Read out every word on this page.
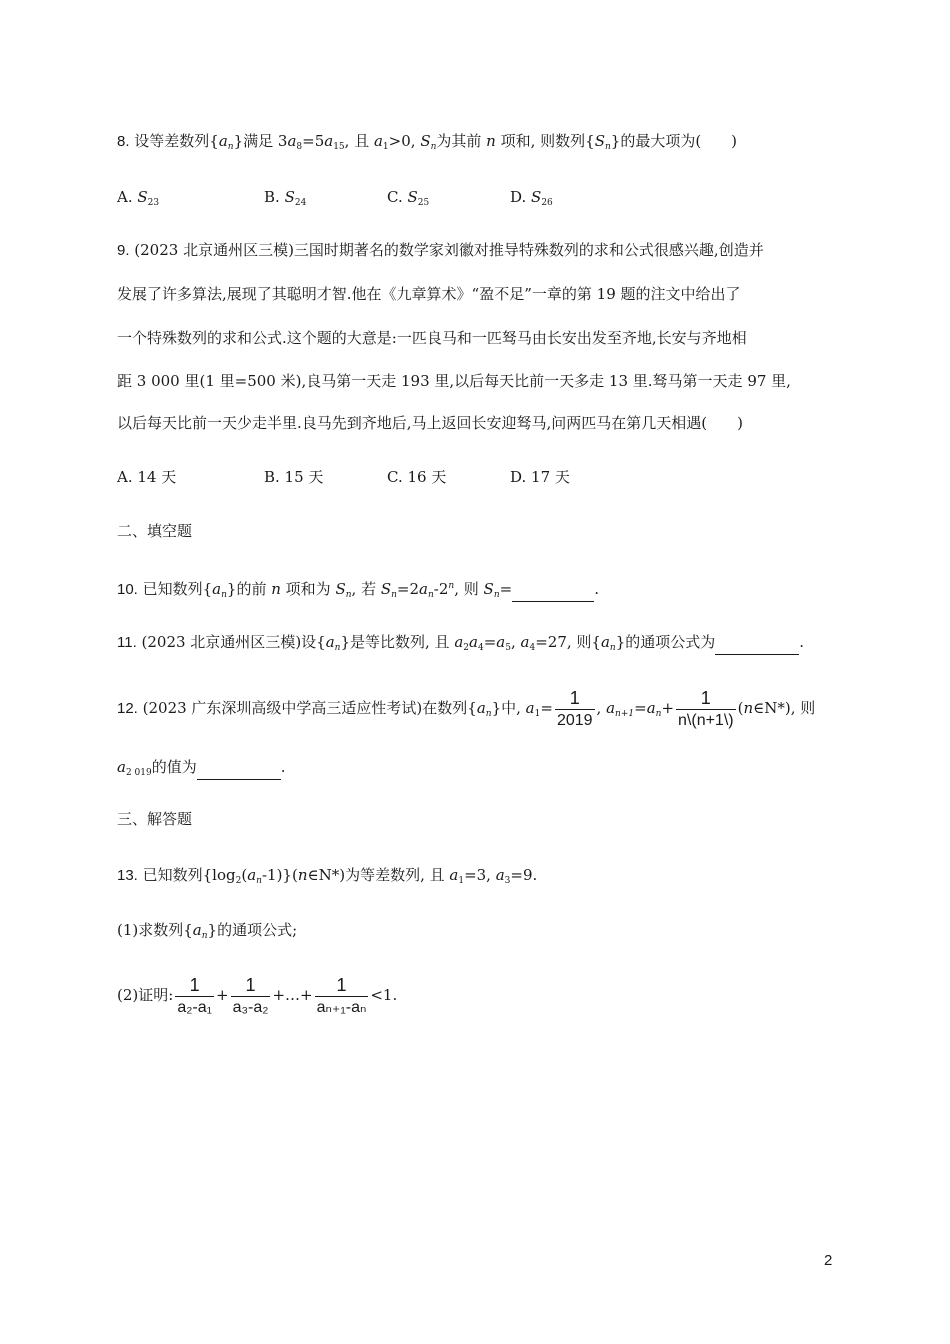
8. 设等差数列$\{a_n\}$满足 $3a_8=5a_{15}$, 且 $a_1>0$, $S_n$为其前 n 项和, 则数列$\{S_n\}$的最大项为(　　)
A. $S_{23}$	B. $S_{24}$	C. $S_{25}$	D. $S_{26}$
9. (2023 北京通州区三模)三国时期著名的数学家刘徽对推导特殊数列的求和公式很感兴趣,创造并
发展了许多算法,展现了其聪明才智.他在《九章算术》“盈不足”一章的第 19 题的注文中给出了
一个特殊数列的求和公式.这个题的大意是:一匹良马和一匹驽马由长安出发至齐地,长安与齐地相
距 3 000 里(1 里=500 米),良马第一天走 193 里,以后每天比前一天多走 13 里.驽马第一天走 97 里,
以后每天比前一天少走半里.良马先到齐地后,马上返回长安迎驽马,问两匹马在第几天相遇(　　)
A. 14 天	B. 15 天	C. 16 天	D. 17 天
二、填空题
10. 已知数列$\{a_n\}$的前 n 项和为 $S_n$, 若 $S_n=2a_n-2^n$, 则 $S_n=$	.
11. (2023 北京通州区三模)设$\{a_n\}$是等比数列, 且 $a_2a_4=a_5$, $a_4=27$, 则$\{a_n\}$的通项公式为	.
12. (2023 广东深圳高级中学高三适应性考试)在数列$\{a_n\}$中, $a_1= \frac{1}{2019}$ , $a_{n+1}=a_n+ \frac{1}{n\backslash(n+1\backslash)}$ (n∈N*), 则
$a_{2 019}$的值为	.
三、解答题
13. 已知数列$\{\log_2(a_n-1)\}(n\in N*)$为等差数列, 且 $a_1=3$, $a_3=9$.
(1)求数列$\{a_n\}$的通项公式;
(2)证明: $\frac{1}{\text{a₂-a₁}} + \frac{1}{\text{a₃-a₂}}$ +…+ $\frac{1}{\text{aₙ₊₁-aₙ}} <1$.
2
